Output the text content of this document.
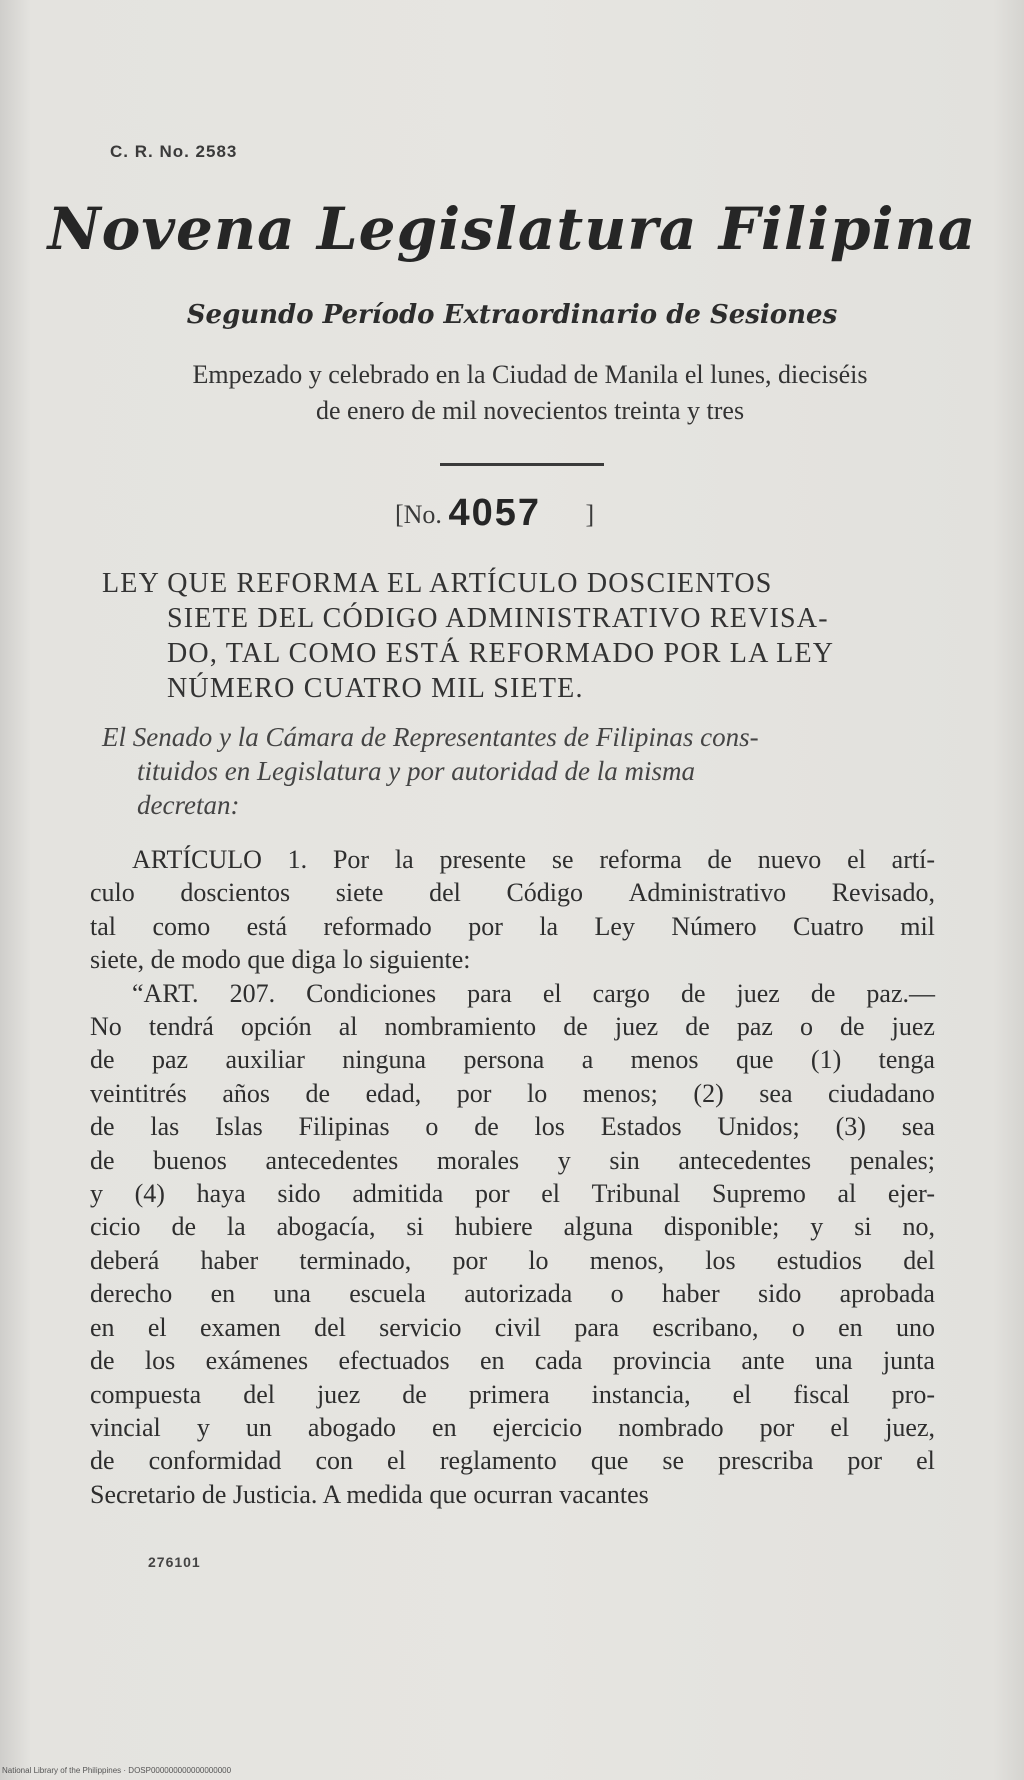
C. R. No. 2583
Novena Legislatura Filipina
Segundo Período Extraordinario de Sesiones
Empezado y celebrado en la Ciudad de Manila el lunes, dieciséis
de enero de mil novecientos treinta y tres
[No. 4057 ]
LEY QUE REFORMA EL ARTÍCULO DOSCIENTOS
SIETE DEL CÓDIGO ADMINISTRATIVO REVISA-
DO, TAL COMO ESTÁ REFORMADO POR LA LEY
NÚMERO CUATRO MIL SIETE.
El Senado y la Cámara de Representantes de Filipinas cons-
tituidos en Legislatura y por autoridad de la misma
decretan:
ARTÍCULO 1. Por la presente se reforma de nuevo el artí-
culo doscientos siete del Código Administrativo Revisado,
tal como está reformado por la Ley Número Cuatro mil
siete, de modo que diga lo siguiente:
“ART. 207. Condiciones para el cargo de juez de paz.—
No tendrá opción al nombramiento de juez de paz o de juez
de paz auxiliar ninguna persona a menos que (1) tenga
veintitrés años de edad, por lo menos; (2) sea ciudadano
de las Islas Filipinas o de los Estados Unidos; (3) sea
de buenos antecedentes morales y sin antecedentes penales;
y (4) haya sido admitida por el Tribunal Supremo al ejer-
cicio de la abogacía, si hubiere alguna disponible; y si no,
deberá haber terminado, por lo menos, los estudios del
derecho en una escuela autorizada o haber sido aprobada
en el examen del servicio civil para escribano, o en uno
de los exámenes efectuados en cada provincia ante una junta
compuesta del juez de primera instancia, el fiscal pro-
vincial y un abogado en ejercicio nombrado por el juez,
de conformidad con el reglamento que se prescriba por el
Secretario de Justicia. A medida que ocurran vacantes
276101
National Library of the Philippines · DOSP000000000000000000
